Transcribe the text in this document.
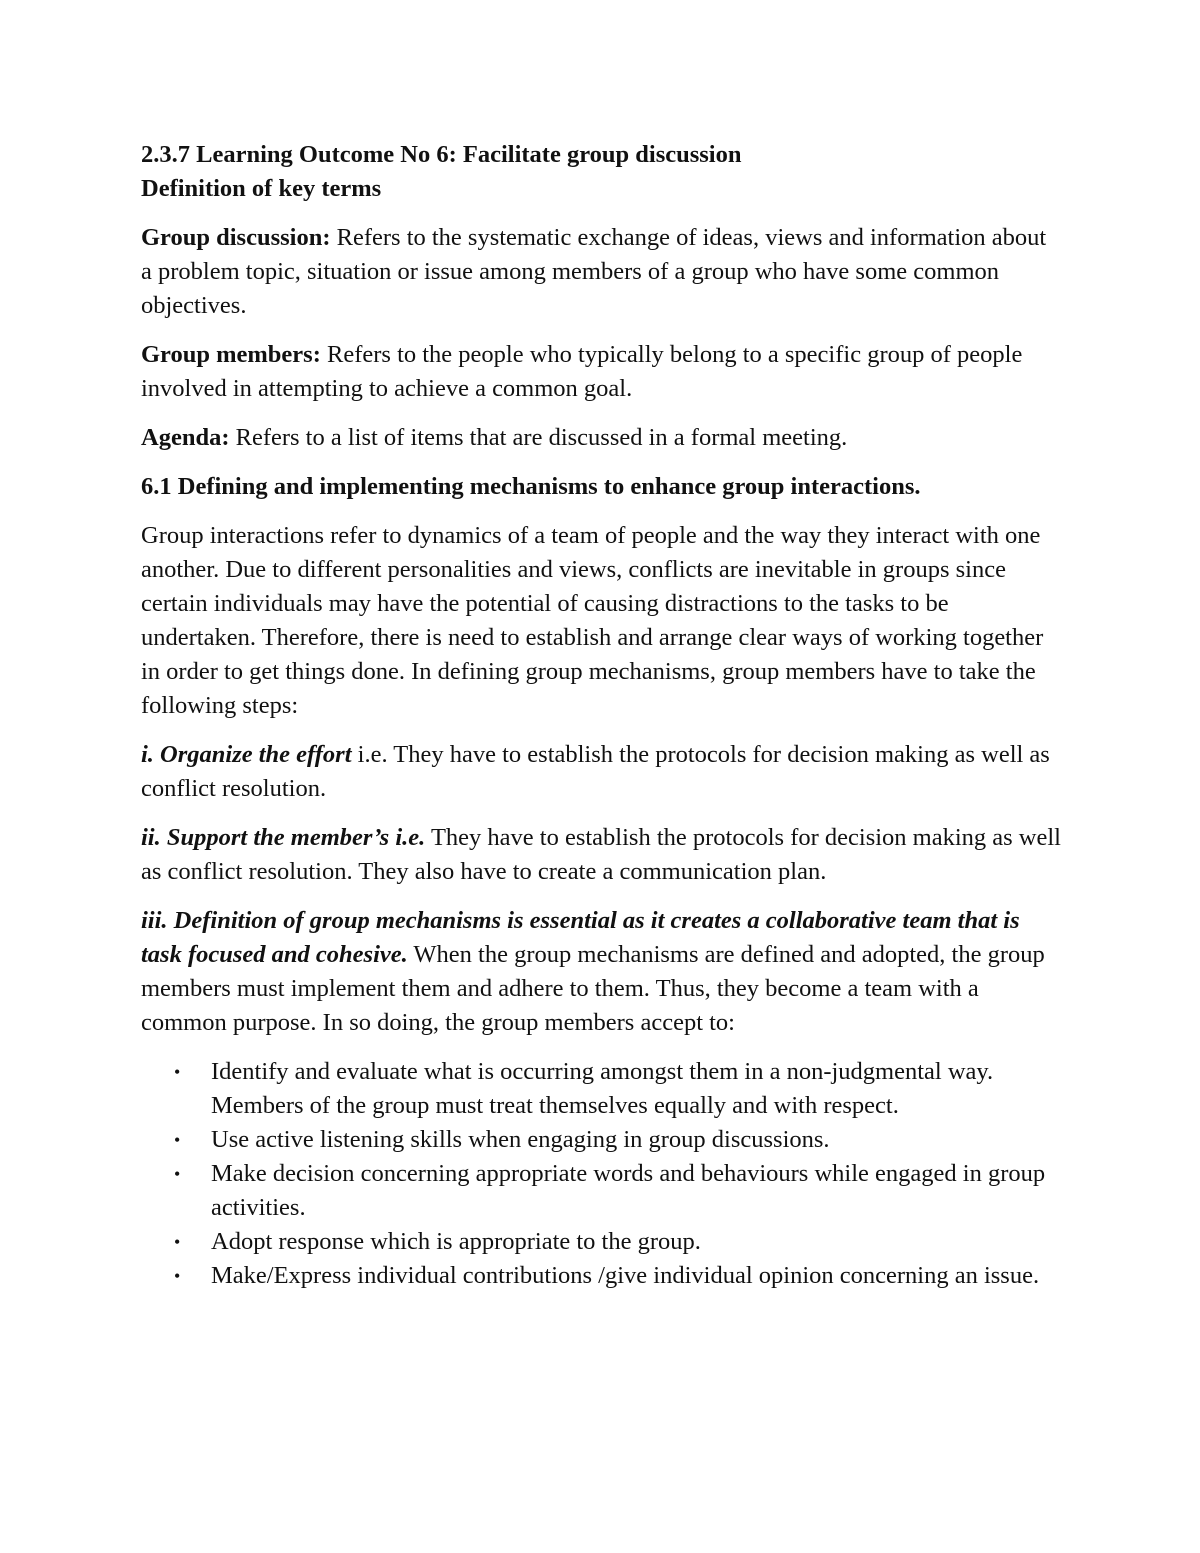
2.3.7 Learning Outcome No 6: Facilitate group discussion

Definition of key terms

Group discussion: Refers to the systematic exchange of ideas, views and information about a problem topic, situation or issue among members of a group who have some common objectives.

Group members: Refers to the people who typically belong to a specific group of people involved in attempting to achieve a common goal.

Agenda: Refers to a list of items that are discussed in a formal meeting.

6.1 Defining and implementing mechanisms to enhance group interactions.

Group interactions refer to dynamics of a team of people and the way they interact with one another. Due to different personalities and views, conflicts are inevitable in groups since certain individuals may have the potential of causing distractions to the tasks to be undertaken. Therefore, there is need to establish and arrange clear ways of working together in order to get things done. In defining group mechanisms, group members have to take the following steps:

i. Organize the effort i.e. They have to establish the protocols for decision making as well as conflict resolution.

ii. Support the member’s i.e. They have to establish the protocols for decision making as well as conflict resolution. They also have to create a communication plan.

iii. Definition of group mechanisms is essential as it creates a collaborative team that is task focused and cohesive. When the group mechanisms are defined and adopted, the group members must implement them and adhere to them. Thus, they become a team with a common purpose. In so doing, the group members accept to:

• Identify and evaluate what is occurring amongst them in a non-judgmental way. Members of the group must treat themselves equally and with respect.
• Use active listening skills when engaging in group discussions.
• Make decision concerning appropriate words and behaviours while engaged in group activities.
• Adopt response which is appropriate to the group.
• Make/Express individual contributions /give individual opinion concerning an issue.
